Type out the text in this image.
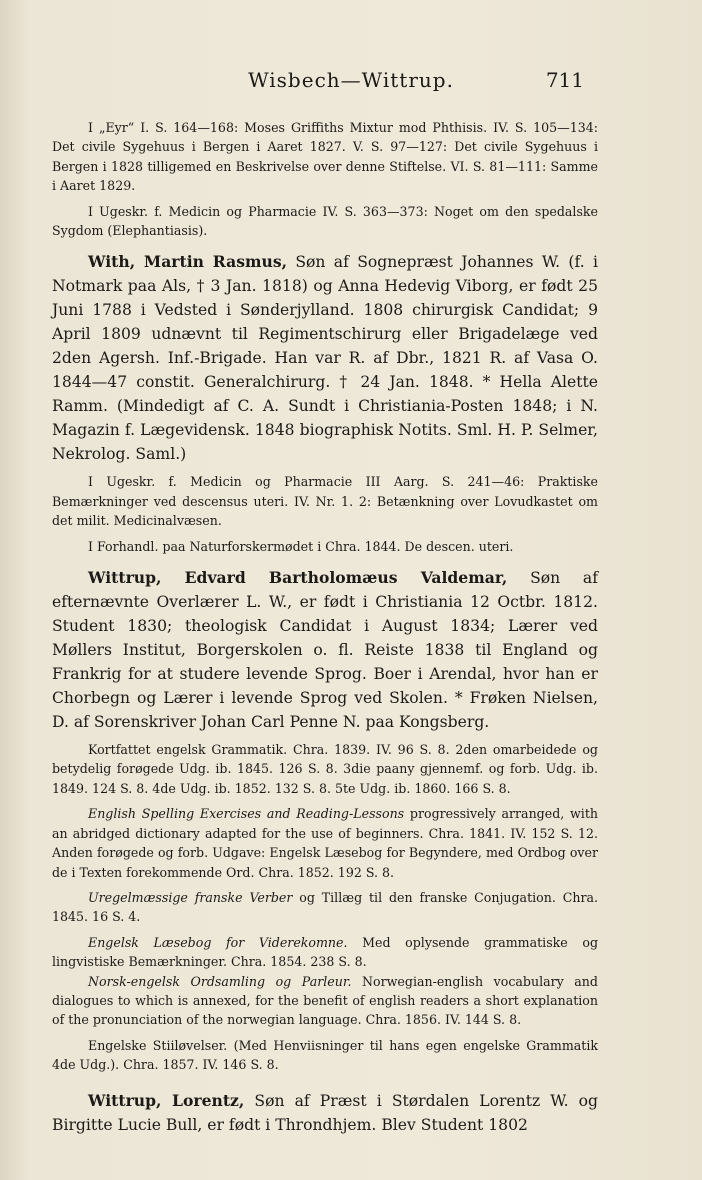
Wisbech—Wittrup.	711

I „Eyr“ I. S. 164—168: Moses Griffiths Mixtur mod Phthisis. IV. S. 105—134: Det civile Sygehuus i Bergen i Aaret 1827. V. S. 97—127: Det civile Sygehuus i Bergen i 1828 tilligemed en Beskrivelse over denne Stiftelse. VI. S. 81—111: Samme i Aaret 1829.

I Ugeskr. f. Medicin og Pharmacie IV. S. 363—373: Noget om den spedalske Sygdom (Elephantiasis).

With, Martin Rasmus, Søn af Sognepræst Johannes W. (f. i Notmark paa Als, † 3 Jan. 1818) og Anna Hedevig Viborg, er født 25 Juni 1788 i Vedsted i Sønderjylland. 1808 chirurgisk Candidat; 9 April 1809 udnævnt til Regimentschirurg eller Brigadelæge ved 2den Agersh. Inf.-Brigade. Han var R. af Dbr., 1821 R. af Vasa O. 1844—47 constit. Generalchirurg. † 24 Jan. 1848. * Hella Alette Ramm. (Mindedigt af C. A. Sundt i Christiania-Posten 1848; i N. Magazin f. Lægevidensk. 1848 biographisk Notits. Sml. H. P. Selmer, Nekrolog. Saml.)

I Ugeskr. f. Medicin og Pharmacie III Aarg. S. 241—46: Praktiske Bemærkninger ved descensus uteri. IV. Nr. 1. 2: Betænkning over Lovudkastet om det milit. Medicinalvæsen.

I Forhandl. paa Naturforskermødet i Chra. 1844. De descen. uteri.

Wittrup, Edvard Bartholomæus Valdemar, Søn af efternævnte Overlærer L. W., er født i Christiania 12 Octbr. 1812. Student 1830; theologisk Candidat i August 1834; Lærer ved Møllers Institut, Borgerskolen o. fl. Reiste 1838 til England og Frankrig for at studere levende Sprog. Boer i Arendal, hvor han er Chorbegn og Lærer i levende Sprog ved Skolen. * Frøken Nielsen, D. af Sorenskriver Johan Carl Penne N. paa Kongsberg.

Kortfattet engelsk Grammatik. Chra. 1839. IV. 96 S. 8. 2den omarbeidede og betydelig forøgede Udg. ib. 1845. 126 S. 8. 3die paany gjennemf. og forb. Udg. ib. 1849. 124 S. 8. 4de Udg. ib. 1852. 132 S. 8. 5te Udg. ib. 1860. 166 S. 8.

English Spelling Exercises and Reading-Lessons progressively arranged, with an abridged dictionary adapted for the use of beginners. Chra. 1841. IV. 152 S. 12. Anden forøgede og forb. Udgave: Engelsk Læsebog for Begyndere, med Ordbog over de i Texten forekommende Ord. Chra. 1852. 192 S. 8.

Uregelmæssige franske Verber og Tillæg til den franske Conjugation. Chra. 1845. 16 S. 4.

Engelsk Læsebog for Viderekomne. Med oplysende grammatiske og lingvistiske Bemærkninger. Chra. 1854. 238 S. 8.

Norsk-engelsk Ordsamling og Parleur. Norwegian-english vocabulary and dialogues to which is annexed, for the benefit of english readers a short explanation of the pronunciation of the norwegian language. Chra. 1856. IV. 144 S. 8.

Engelske Stiiløvelser. (Med Henviisninger til hans egen engelske Grammatik 4de Udg.). Chra. 1857. IV. 146 S. 8.

Wittrup, Lorentz, Søn af Præst i Størdalen Lorentz W. og Birgitte Lucie Bull, er født i Throndhjem. Blev Student 1802
